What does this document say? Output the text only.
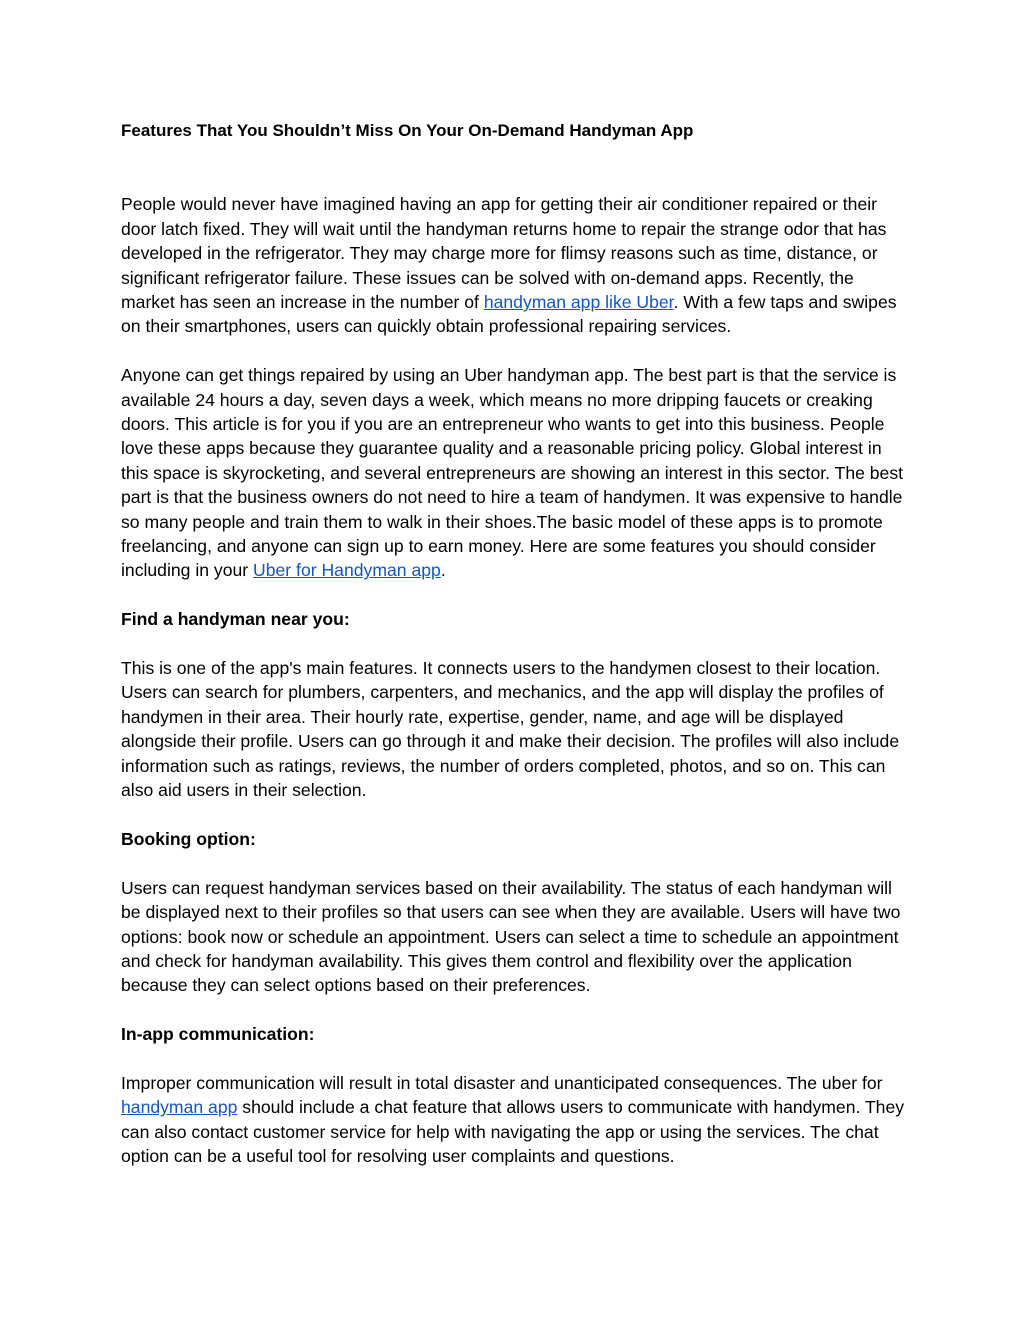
Features That You Shouldn’t Miss On Your On-Demand Handyman App

People would never have imagined having an app for getting their air conditioner repaired or their door latch fixed. They will wait until the handyman returns home to repair the strange odor that has developed in the refrigerator. They may charge more for flimsy reasons such as time, distance, or significant refrigerator failure. These issues can be solved with on-demand apps. Recently, the market has seen an increase in the number of handyman app like Uber. With a few taps and swipes on their smartphones, users can quickly obtain professional repairing services.

Anyone can get things repaired by using an Uber handyman app. The best part is that the service is available 24 hours a day, seven days a week, which means no more dripping faucets or creaking doors. This article is for you if you are an entrepreneur who wants to get into this business. People love these apps because they guarantee quality and a reasonable pricing policy. Global interest in this space is skyrocketing, and several entrepreneurs are showing an interest in this sector. The best part is that the business owners do not need to hire a team of handymen. It was expensive to handle so many people and train them to walk in their shoes.The basic model of these apps is to promote freelancing, and anyone can sign up to earn money. Here are some features you should consider including in your Uber for Handyman app.

Find a handyman near you:

This is one of the app's main features. It connects users to the handymen closest to their location. Users can search for plumbers, carpenters, and mechanics, and the app will display the profiles of handymen in their area. Their hourly rate, expertise, gender, name, and age will be displayed alongside their profile. Users can go through it and make their decision. The profiles will also include information such as ratings, reviews, the number of orders completed, photos, and so on. This can also aid users in their selection.

Booking option:

Users can request handyman services based on their availability. The status of each handyman will be displayed next to their profiles so that users can see when they are available. Users will have two options: book now or schedule an appointment. Users can select a time to schedule an appointment and check for handyman availability. This gives them control and flexibility over the application because they can select options based on their preferences.

In-app communication:

Improper communication will result in total disaster and unanticipated consequences. The uber for handyman app should include a chat feature that allows users to communicate with handymen. They can also contact customer service for help with navigating the app or using the services. The chat option can be a useful tool for resolving user complaints and questions.
